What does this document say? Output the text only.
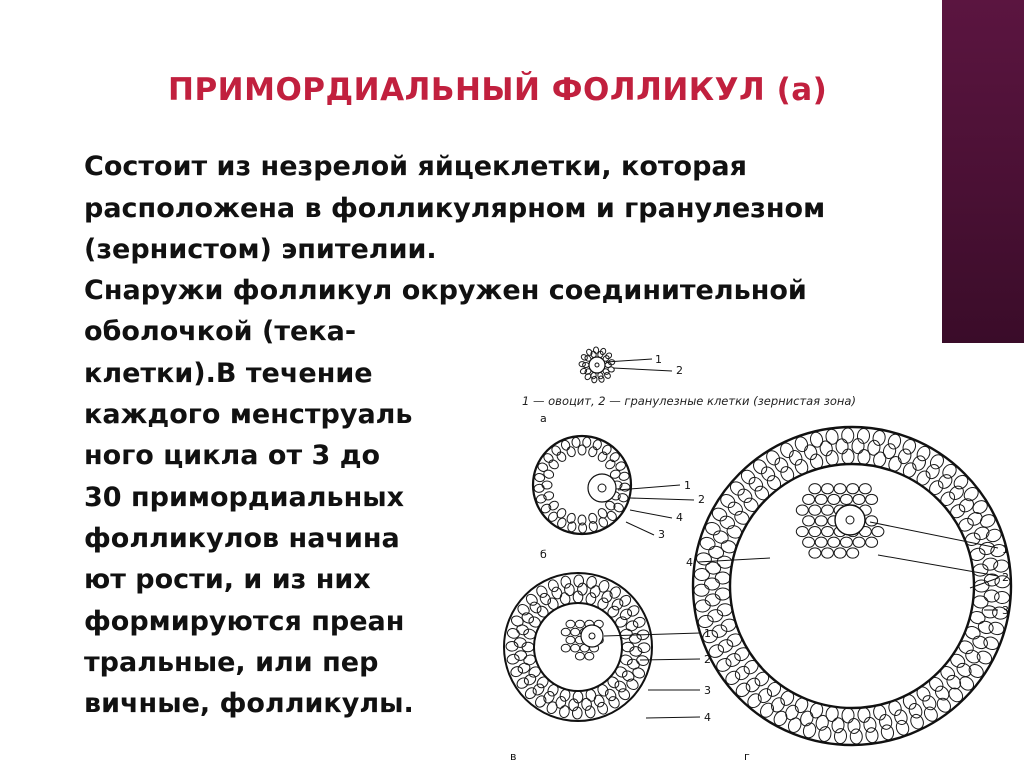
ПРИМОРДИАЛЬНЫЙ ФОЛЛИКУЛ (а)
Состоит из незрелой яйцеклетки, которая
расположена в фолликулярном и гранулезном
(зернистом) эпителии.
Снаружи фолликул окружен соединительной
оболочкой (тека-
клетки).В течение
каждого менструаль
ного цикла от 3 до
30 примордиальных
фолликулов начина
ют рости, и из них
формируются преан
тральные, или пер
вичные, фолликулы.
1 — овоцит, 2 — гранулезные клетки (зернистая зона)
а
б
в	г
1
2
1
2
4
3
1
2
3
4
1
2
3
4
